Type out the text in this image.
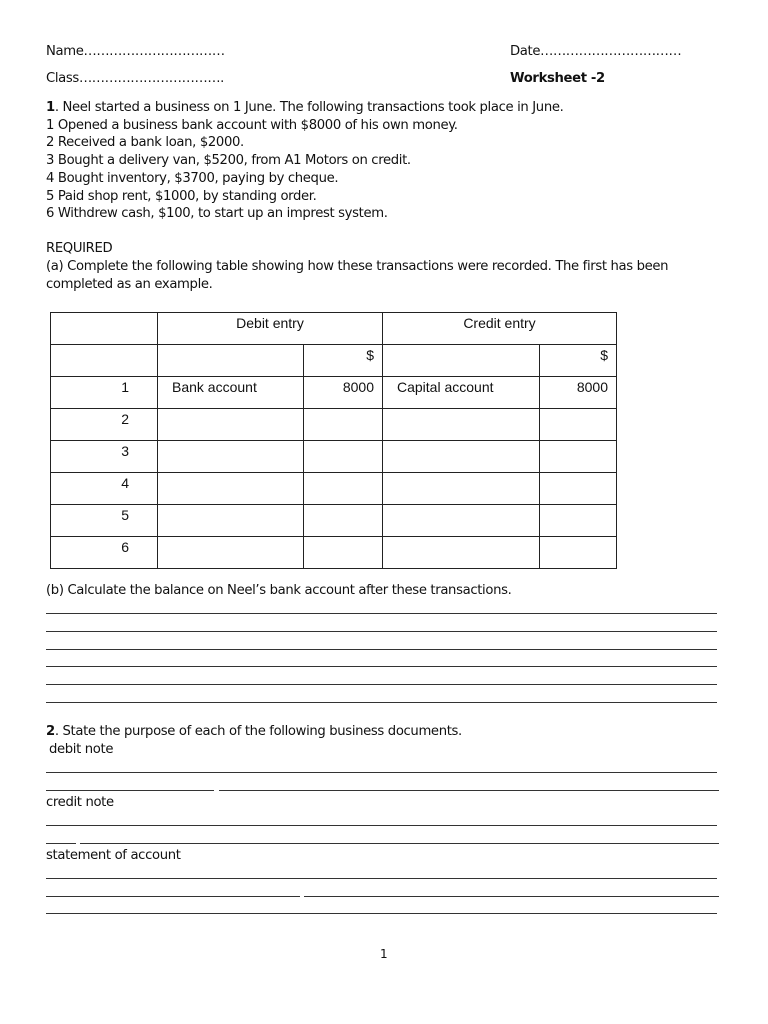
Name……………………………	Date……………………………
Class…………………………….	Worksheet -2
1. Neel started a business on 1 June. The following transactions took place in June.
1 Opened a business bank account with $8000 of his own money.
2 Received a bank loan, $2000.
3 Bought a delivery van, $5200, from A1 Motors on credit.
4 Bought inventory, $3700, paying by cheque.
5 Paid shop rent, $1000, by standing order.
6 Withdrew cash, $100, to start up an imprest system.
REQUIRED
(a) Complete the following table showing how these transactions were recorded. The first has been
completed as an example.

	Debit entry		Credit entry	

		$		$

1	Bank account	8000	Capital account	8000

2				

3				

4				

5				

6				

(b) Calculate the balance on Neel’s bank account after these transactions.
2. State the purpose of each of the following business documents.
debit note
credit note
statement of account
1
